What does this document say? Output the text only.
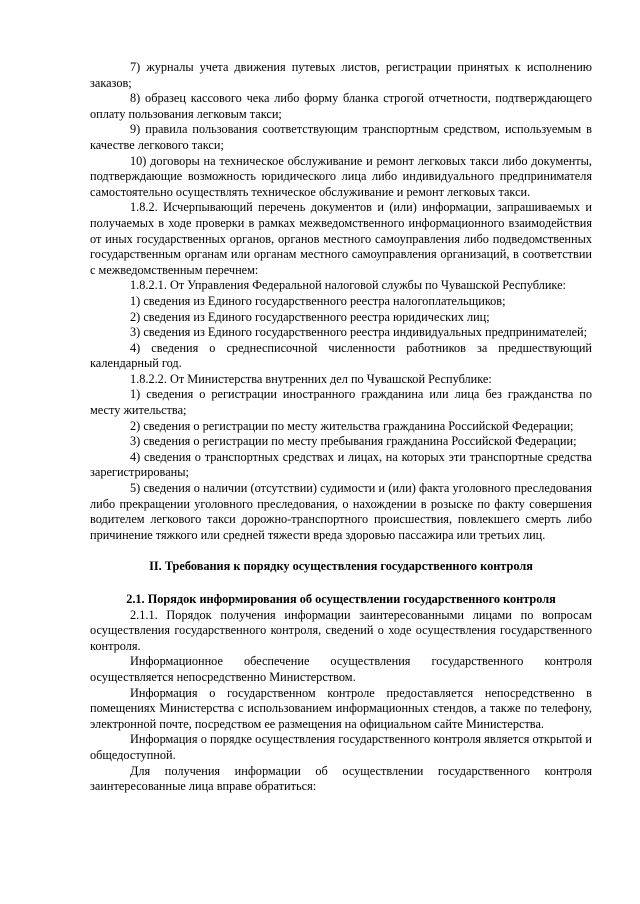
7) журналы учета движения путевых листов, регистрации принятых к исполнению заказов;

8) образец кассового чека либо форму бланка строгой отчетности, подтверждающего оплату пользования легковым такси;

9) правила пользования соответствующим транспортным средством, используемым в качестве легкового такси;

10) договоры на техническое обслуживание и ремонт легковых такси либо документы, подтверждающие возможность юридического лица либо индивидуального предпринимателя самостоятельно осуществлять техническое обслуживание и ремонт легковых такси.

1.8.2. Исчерпывающий перечень документов и (или) информации, запрашиваемых и получаемых в ходе проверки в рамках межведомственного информационного взаимодействия от иных государственных органов, органов местного самоуправления либо подведомственных государственным органам или органам местного самоуправления организаций, в соответствии с межведомственным перечнем:

1.8.2.1. От Управления Федеральной налоговой службы по Чувашской Республике:

1) сведения из Единого государственного реестра налогоплательщиков;

2) сведения из Единого государственного реестра юридических лиц;

3) сведения из Единого государственного реестра индивидуальных предпринимателей;

4) сведения о среднесписочной численности работников за предшествующий календарный год.

1.8.2.2. От Министерства внутренних дел по Чувашской Республике:

1) сведения о регистрации иностранного гражданина или лица без гражданства по месту жительства;

2) сведения о регистрации по месту жительства гражданина Российской Федерации;

3) сведения о регистрации по месту пребывания гражданина Российской Федерации;

4) сведения о транспортных средствах и лицах, на которых эти транспортные средства зарегистрированы;

5) сведения о наличии (отсутствии) судимости и (или) факта уголовного преследования либо прекращении уголовного преследования, о нахождении в розыске по факту совершения водителем легкового такси дорожно-транспортного происшествия, повлекшего смерть либо причинение тяжкого или средней тяжести вреда здоровью пассажира или третьих лиц.

II. Требования к порядку осуществления государственного контроля
2.1. Порядок информирования об осуществлении государственного контроля

2.1.1. Порядок получения информации заинтересованными лицами по вопросам осуществления государственного контроля, сведений о ходе осуществления государственного контроля.

Информационное обеспечение осуществления государственного контроля осуществляется непосредственно Министерством.

Информация о государственном контроле предоставляется непосредственно в помещениях Министерства с использованием информационных стендов, а также по телефону, электронной почте, посредством ее размещения на официальном сайте Министерства.

Информация о порядке осуществления государственного контроля является открытой и общедоступной.

Для получения информации об осуществлении государственного контроля заинтересованные лица вправе обратиться:
